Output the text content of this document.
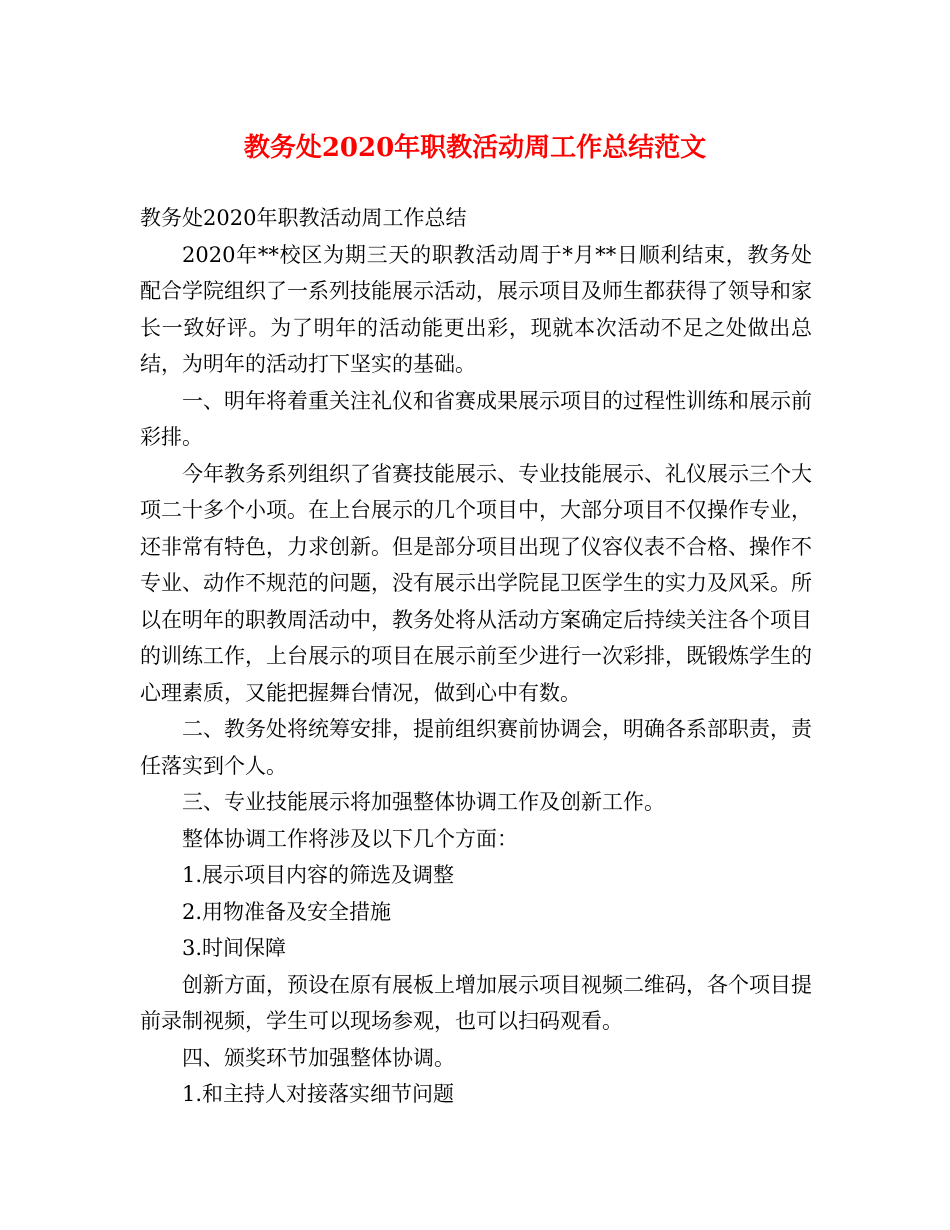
教务处2020年职教活动周工作总结范文

教务处2020年职教活动周工作总结

2020年**校区为期三天的职教活动周于*月**日顺利结束，教务处配合学院组织了一系列技能展示活动，展示项目及师生都获得了领导和家长一致好评。为了明年的活动能更出彩，现就本次活动不足之处做出总结，为明年的活动打下坚实的基础。

一、明年将着重关注礼仪和省赛成果展示项目的过程性训练和展示前彩排。

今年教务系列组织了省赛技能展示、专业技能展示、礼仪展示三个大项二十多个小项。在上台展示的几个项目中，大部分项目不仅操作专业，还非常有特色，力求创新。但是部分项目出现了仪容仪表不合格、操作不专业、动作不规范的问题，没有展示出学院昆卫医学生的实力及风采。所以在明年的职教周活动中，教务处将从活动方案确定后持续关注各个项目的训练工作，上台展示的项目在展示前至少进行一次彩排，既锻炼学生的心理素质，又能把握舞台情况，做到心中有数。

二、教务处将统筹安排，提前组织赛前协调会，明确各系部职责，责任落实到个人。

三、专业技能展示将加强整体协调工作及创新工作。

整体协调工作将涉及以下几个方面：

1.展示项目内容的筛选及调整

2.用物准备及安全措施

3.时间保障

创新方面，预设在原有展板上增加展示项目视频二维码，各个项目提前录制视频，学生可以现场参观，也可以扫码观看。

四、颁奖环节加强整体协调。

1.和主持人对接落实细节问题
